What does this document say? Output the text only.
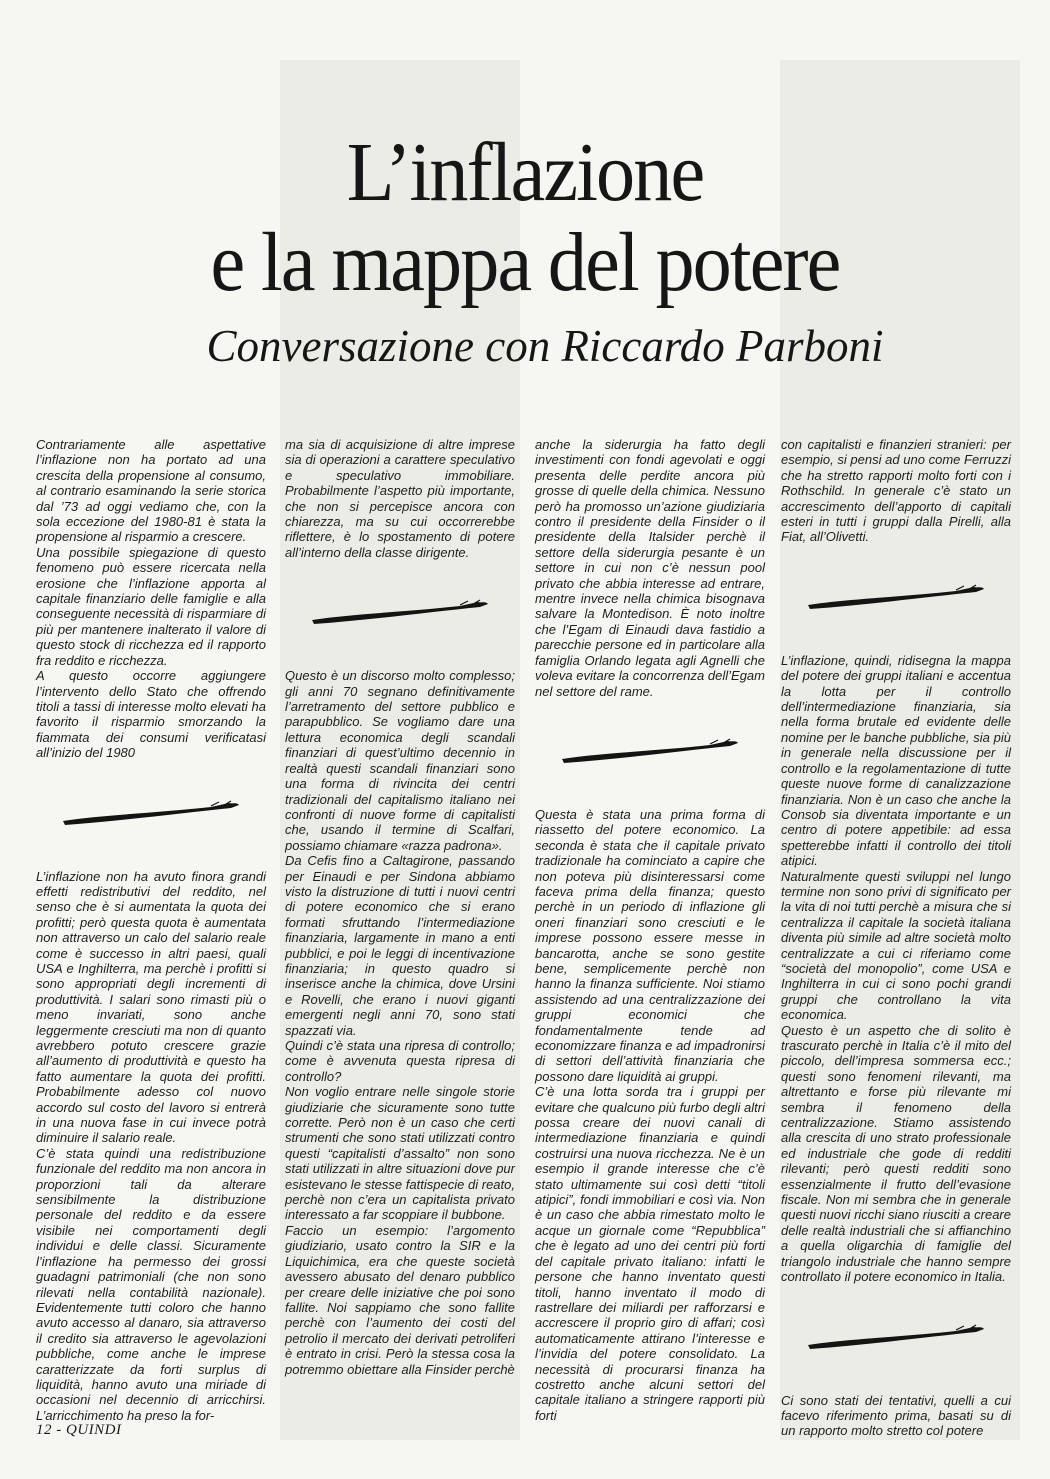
L’inflazione
e la mappa del potere
Conversazione con Riccardo Parboni

Contrariamente alle aspettative l’inflazione non ha portato ad una crescita della propensione al consumo, al contrario esaminando la serie storica dal ’73 ad oggi vediamo che, con la sola eccezione del 1980-81 è stata la propensione al risparmio a crescere.

Una possibile spiegazione di questo fenomeno può essere ricercata nella erosione che l’inflazione apporta al capitale finanziario delle famiglie e alla conseguente necessità di risparmiare di più per mantenere inalterato il valore di questo stock di ricchezza ed il rapporto fra reddito e ricchezza.

A questo occorre aggiungere l’intervento dello Stato che offrendo titoli a tassi di interesse molto elevati ha favorito il risparmio smorzando la fiammata dei consumi verificatasi all’inizio del 1980

L’inflazione non ha avuto finora grandi effetti redistributivi del reddito, nel senso che è si aumentata la quota dei profitti; però questa quota è aumentata non attraverso un calo del salario reale come è successo in altri paesi, quali USA e Inghilterra, ma perchè i profitti si sono appropriati degli incrementi di produttività. I salari sono rimasti più o meno invariati, sono anche leggermente cresciuti ma non di quanto avrebbero potuto crescere grazie all’aumento di produttività e questo ha fatto aumentare la quota dei profitti. Probabilmente adesso col nuovo accordo sul costo del lavoro si entrerà in una nuova fase in cui invece potrà diminuire il salario reale.

C’è stata quindi una redistribuzione funzionale del reddito ma non ancora in proporzioni tali da alterare sensibilmente la distribuzione personale del reddito e da essere visibile nei comportamenti degli individui e delle classi. Sicuramente l’inflazione ha permesso dei grossi guadagni patrimoniali (che non sono rilevati nella contabilità nazionale). Evidentemente tutti coloro che hanno avuto accesso al danaro, sia attraverso il credito sia attraverso le agevolazioni pubbliche, come anche le imprese caratterizzate da forti surplus di liquidità, hanno avuto una miriade di occasioni nel decennio di arricchirsi. L’arricchimento ha preso la for-

ma sia di acquisizione di altre imprese sia di operazioni a carattere speculativo e speculativo immobiliare. Probabilmente l’aspetto più importante, che non si percepisce ancora con chiarezza, ma su cui occorrerebbe riflettere, è lo spostamento di potere all’interno della classe dirigente.

Questo è un discorso molto complesso; gli anni 70 segnano definitivamente l’arretramento del settore pubblico e parapubblico. Se vogliamo dare una lettura economica degli scandali finanziari di quest’ultimo decennio in realtà questi scandali finanziari sono una forma di rivincita dei centri tradizionali del capitalismo italiano nei confronti di nuove forme di capitalisti che, usando il termine di Scalfari, possiamo chiamare «razza padrona».

Da Cefis fino a Caltagirone, passando per Einaudi e per Sindona abbiamo visto la distruzione di tutti i nuovi centri di potere economico che si erano formati sfruttando l’intermediazione finanziaria, largamente in mano a enti pubblici, e poi le leggi di incentivazione finanziaria; in questo quadro si inserisce anche la chimica, dove Ursini e Rovelli, che erano i nuovi giganti emergenti negli anni 70, sono stati spazzati via.

Quindi c’è stata una ripresa di controllo; come è avvenuta questa ripresa di controllo?

Non voglio entrare nelle singole storie giudiziarie che sicuramente sono tutte corrette. Però non è un caso che certi strumenti che sono stati utilizzati contro questi “capitalisti d’assalto” non sono stati utilizzati in altre situazioni dove pur esistevano le stesse fattispecie di reato, perchè non c’era un capitalista privato interessato a far scoppiare il bubbone.

Faccio un esempio: l’argomento giudiziario, usato contro la SIR e la Liquichimica, era che queste società avessero abusato del denaro pubblico per creare delle iniziative che poi sono fallite. Noi sappiamo che sono fallite perchè con l’aumento dei costi del petrolio il mercato dei derivati petroliferi è entrato in crisi. Però la stessa cosa la potremmo obiettare alla Finsider perchè

anche la siderurgia ha fatto degli investimenti con fondi agevolati e oggi presenta delle perdite ancora più grosse di quelle della chimica. Nessuno però ha promosso un’azione giudiziaria contro il presidente della Finsider o il presidente della Italsider perchè il settore della siderurgia pesante è un settore in cui non c’è nessun pool privato che abbia interesse ad entrare, mentre invece nella chimica bisognava salvare la Montedison. È noto inoltre che l’Egam di Einaudi dava fastidio a parecchie persone ed in particolare alla famiglia Orlando legata agli Agnelli che voleva evitare la concorrenza dell’Egam nel settore del rame.

Questa è stata una prima forma di riassetto del potere economico. La seconda è stata che il capitale privato tradizionale ha cominciato a capire che non poteva più disinteressarsi come faceva prima della finanza; questo perchè in un periodo di inflazione gli oneri finanziari sono cresciuti e le imprese possono essere messe in bancarotta, anche se sono gestite bene, semplicemente perchè non hanno la finanza sufficiente. Noi stiamo assistendo ad una centralizzazione dei gruppi economici che fondamentalmente tende ad economizzare finanza e ad impadronirsi di settori dell’attività finanziaria che possono dare liquidità ai gruppi.

C’è una lotta sorda tra i gruppi per evitare che qualcuno più furbo degli altri possa creare dei nuovi canali di intermediazione finanziaria e quindi costruirsi una nuova ricchezza. Ne è un esempio il grande interesse che c’è stato ultimamente sui così detti “titoli atipici”, fondi immobiliari e così via. Non è un caso che abbia rimestato molto le acque un giornale come “Repubblica” che è legato ad uno dei centri più forti del capitale privato italiano: infatti le persone che hanno inventato questi titoli, hanno inventato il modo di rastrellare dei miliardi per rafforzarsi e accrescere il proprio giro di affari; così automaticamente attirano l’interesse e l’invidia del potere consolidato. La necessità di procurarsi finanza ha costretto anche alcuni settori del capitale italiano a stringere rapporti più forti

con capitalisti e finanzieri stranieri: per esempio, si pensi ad uno come Ferruzzi che ha stretto rapporti molto forti con i Rothschild. In generale c’è stato un accrescimento dell’apporto di capitali esteri in tutti i gruppi dalla Pirelli, alla Fiat, all’Olivetti.

L’inflazione, quindi, ridisegna la mappa del potere dei gruppi italiani e accentua la lotta per il controllo dell’intermediazione finanziaria, sia nella forma brutale ed evidente delle nomine per le banche pubbliche, sia più in generale nella discussione per il controllo e la regolamentazione di tutte queste nuove forme di canalizzazione finanziaria. Non è un caso che anche la Consob sia diventata importante e un centro di potere appetibile: ad essa spetterebbe infatti il controllo dei titoli atipici.

Naturalmente questi sviluppi nel lungo termine non sono privi di significato per la vita di noi tutti perchè a misura che si centralizza il capitale la società italiana diventa più simile ad altre società molto centralizzate a cui ci riferiamo come “società del monopolio”, come USA e Inghilterra in cui ci sono pochi grandi gruppi che controllano la vita economica.

Questo è un aspetto che di solito è trascurato perchè in Italia c’è il mito del piccolo, dell’impresa sommersa ecc.; questi sono fenomeni rilevanti, ma altrettanto e forse più rilevante mi sembra il fenomeno della centralizzazione. Stiamo assistendo alla crescita di uno strato professionale ed industriale che gode di redditi rilevanti; però questi redditi sono essenzialmente il frutto dell’evasione fiscale. Non mi sembra che in generale questi nuovi ricchi siano riusciti a creare delle realtà industriali che si affianchino a quella oligarchia di famiglie del triangolo industriale che hanno sempre controllato il potere economico in Italia.

Ci sono stati dei tentativi, quelli a cui facevo riferimento prima, basati su di un rapporto molto stretto col potere

12 - QUINDI
